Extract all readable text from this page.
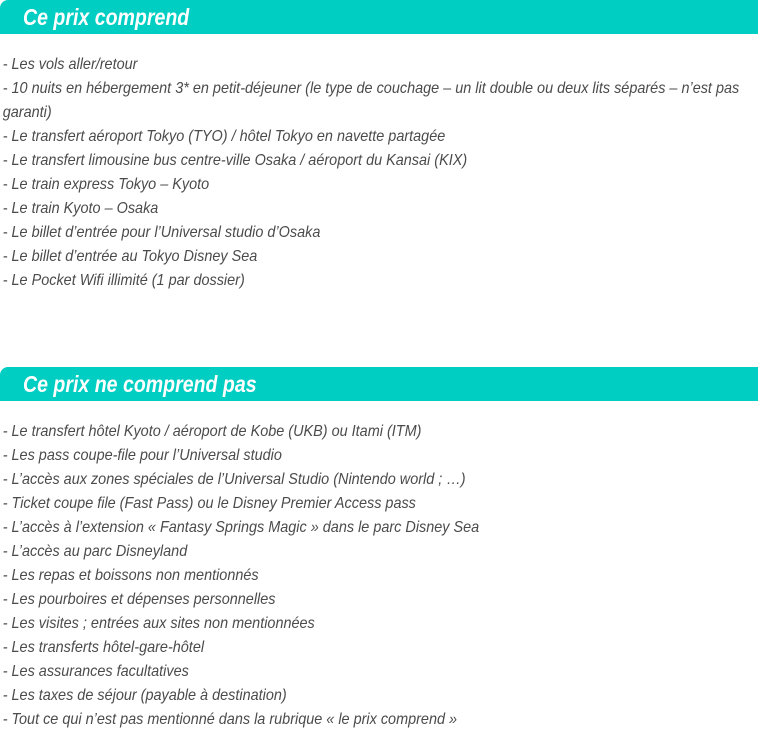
Ce prix comprend

- Les vols aller/retour

- 10 nuits en hébergement 3* en petit-déjeuner (le type de couchage – un lit double ou deux lits séparés – n’est pas garanti)

- Le transfert aéroport Tokyo (TYO) / hôtel Tokyo en navette partagée

- Le transfert limousine bus centre-ville Osaka / aéroport du Kansai (KIX)

- Le train express Tokyo – Kyoto

- Le train Kyoto – Osaka

- Le billet d’entrée pour l’Universal studio d’Osaka

- Le billet d’entrée au Tokyo Disney Sea

- Le Pocket Wifi illimité (1 par dossier)

Ce prix ne comprend pas

- Le transfert hôtel Kyoto / aéroport de Kobe (UKB) ou Itami (ITM)

- Les pass coupe-file pour l’Universal studio

- L’accès aux zones spéciales de l’Universal Studio (Nintendo world ; …)

- Ticket coupe file (Fast Pass) ou le Disney Premier Access pass

- L’accès à l’extension « Fantasy Springs Magic » dans le parc Disney Sea

- L’accès au parc Disneyland

- Les repas et boissons non mentionnés

- Les pourboires et dépenses personnelles

- Les visites ; entrées aux sites non mentionnées

- Les transferts hôtel-gare-hôtel

- Les assurances facultatives

- Les taxes de séjour (payable à destination)

- Tout ce qui n’est pas mentionné dans la rubrique « le prix comprend »
